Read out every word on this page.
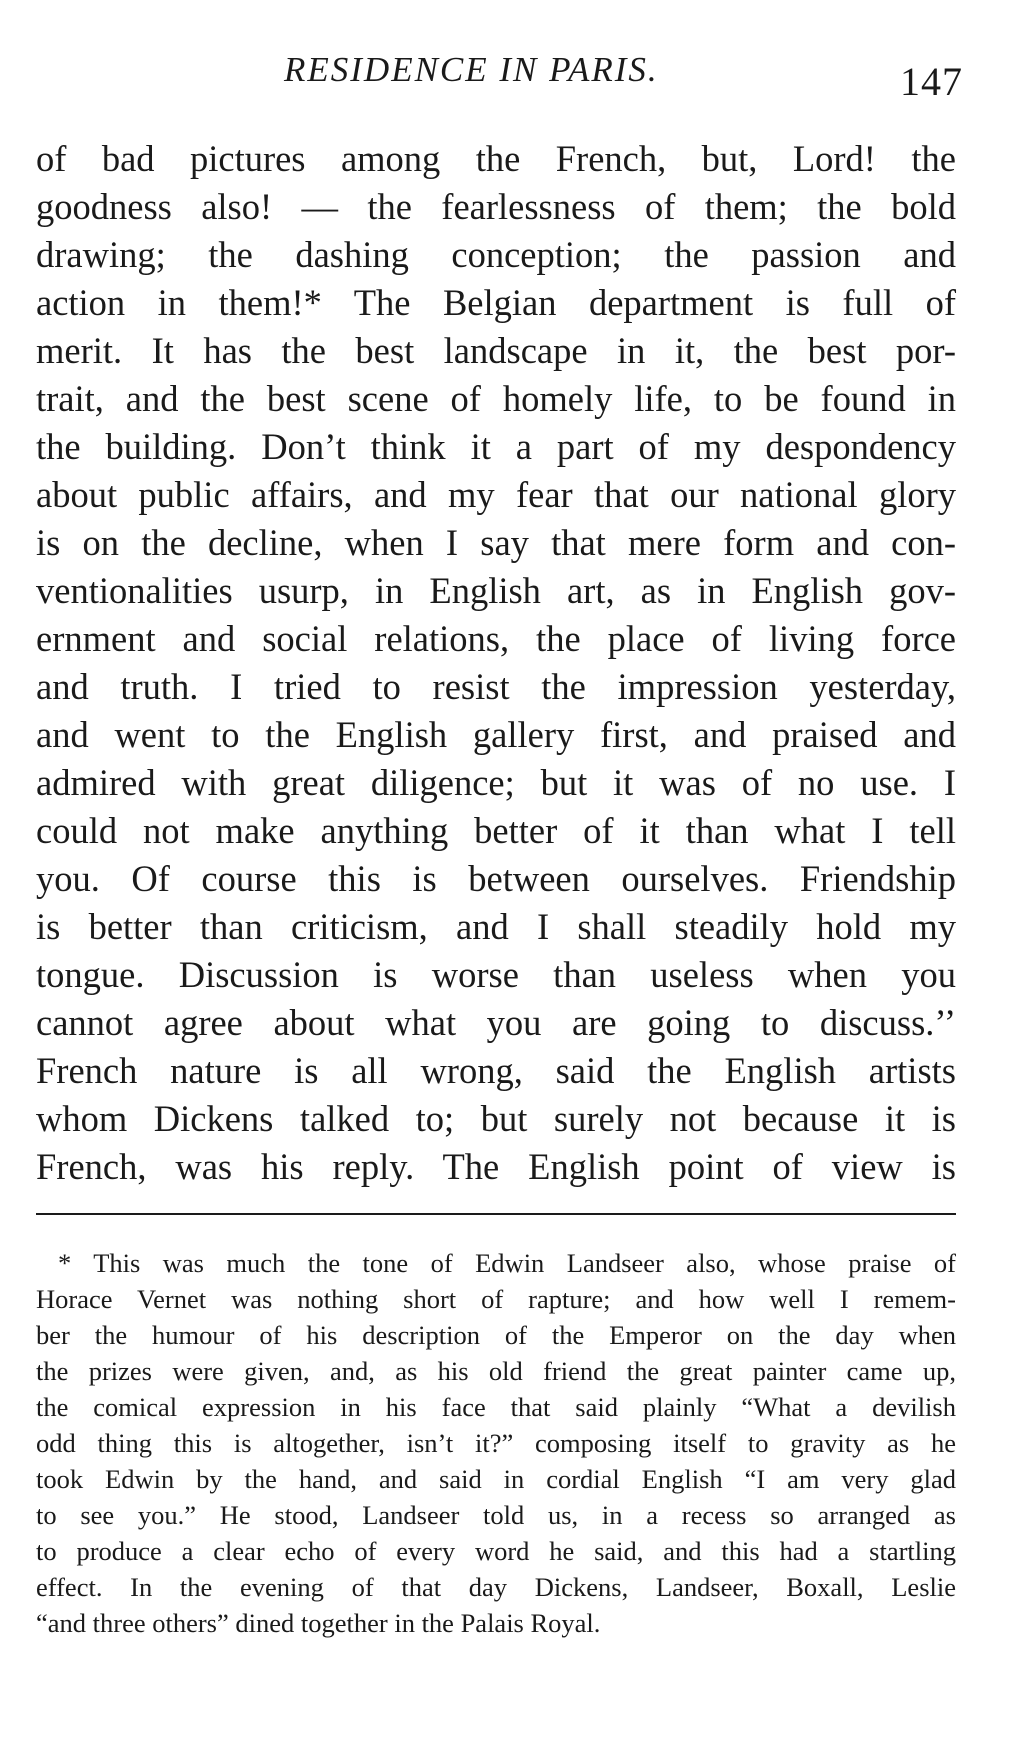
RESIDENCE IN PARIS.	147
of bad pictures among the French, but, Lord! the
goodness also! — the fearlessness of them; the bold
drawing; the dashing conception; the passion and
action in them!* The Belgian department is full of
merit. It has the best landscape in it, the best por-
trait, and the best scene of homely life, to be found in
the building. Don’t think it a part of my despondency
about public affairs, and my fear that our national glory
is on the decline, when I say that mere form and con-
ventionalities usurp, in English art, as in English gov-
ernment and social relations, the place of living force
and truth. I tried to resist the impression yesterday,
and went to the English gallery first, and praised and
admired with great diligence; but it was of no use. I
could not make anything better of it than what I tell
you. Of course this is between ourselves. Friendship
is better than criticism, and I shall steadily hold my
tongue. Discussion is worse than useless when you
cannot agree about what you are going to discuss.’’
French nature is all wrong, said the English artists
whom Dickens talked to; but surely not because it is
French, was his reply. The English point of view is
* This was much the tone of Edwin Landseer also, whose praise of
Horace Vernet was nothing short of rapture; and how well I remem-
ber the humour of his description of the Emperor on the day when
the prizes were given, and, as his old friend the great painter came up,
the comical expression in his face that said plainly “What a devilish
odd thing this is altogether, isn’t it?” composing itself to gravity as he
took Edwin by the hand, and said in cordial English “I am very glad
to see you.” He stood, Landseer told us, in a recess so arranged as
to produce a clear echo of every word he said, and this had a startling
effect. In the evening of that day Dickens, Landseer, Boxall, Leslie
“and three others” dined together in the Palais Royal.
